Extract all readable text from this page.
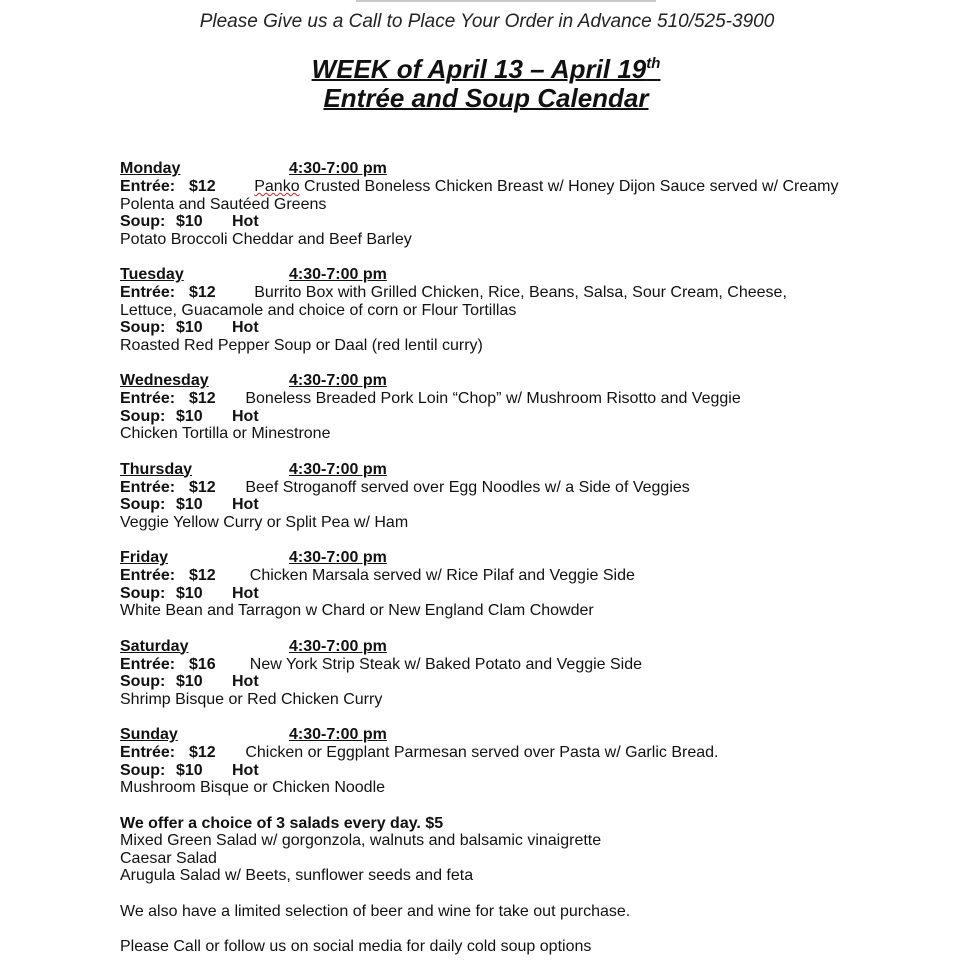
Please Give us a Call to Place Your Order in Advance 510/525-3900
WEEK of April 13 – April 19th
Entrée and Soup Calendar
Monday	4:30-7:00 pm
Entrée: $12 Panko Crusted Boneless Chicken Breast w/ Honey Dijon Sauce served w/ Creamy Polenta and Sautéed Greens
Soup: $10 Hot
Potato Broccoli Cheddar and Beef Barley
Tuesday	4:30-7:00 pm
Entrée: $12 Burrito Box with Grilled Chicken, Rice, Beans, Salsa, Sour Cream, Cheese, Lettuce, Guacamole and choice of corn or Flour Tortillas
Soup: $10 Hot
Roasted Red Pepper Soup or Daal (red lentil curry)
Wednesday	4:30-7:00 pm
Entrée: $12 Boneless Breaded Pork Loin “Chop” w/ Mushroom Risotto and Veggie
Soup: $10 Hot
Chicken Tortilla or Minestrone
Thursday	4:30-7:00 pm
Entrée: $12 Beef Stroganoff served over Egg Noodles w/ a Side of Veggies
Soup: $10 Hot
Veggie Yellow Curry or Split Pea w/ Ham
Friday	4:30-7:00 pm
Entrée: $12 Chicken Marsala served w/ Rice Pilaf and Veggie Side
Soup: $10 Hot
White Bean and Tarragon w Chard or New England Clam Chowder
Saturday	4:30-7:00 pm
Entrée: $16 New York Strip Steak w/ Baked Potato and Veggie Side
Soup: $10 Hot
Shrimp Bisque or Red Chicken Curry
Sunday	4:30-7:00 pm
Entrée: $12 Chicken or Eggplant Parmesan served over Pasta w/ Garlic Bread.
Soup: $10 Hot
Mushroom Bisque or Chicken Noodle
We offer a choice of 3 salads every day. $5
Mixed Green Salad w/ gorgonzola, walnuts and balsamic vinaigrette
Caesar Salad
Arugula Salad w/ Beets, sunflower seeds and feta
We also have a limited selection of beer and wine for take out purchase.
Please Call or follow us on social media for daily cold soup options
